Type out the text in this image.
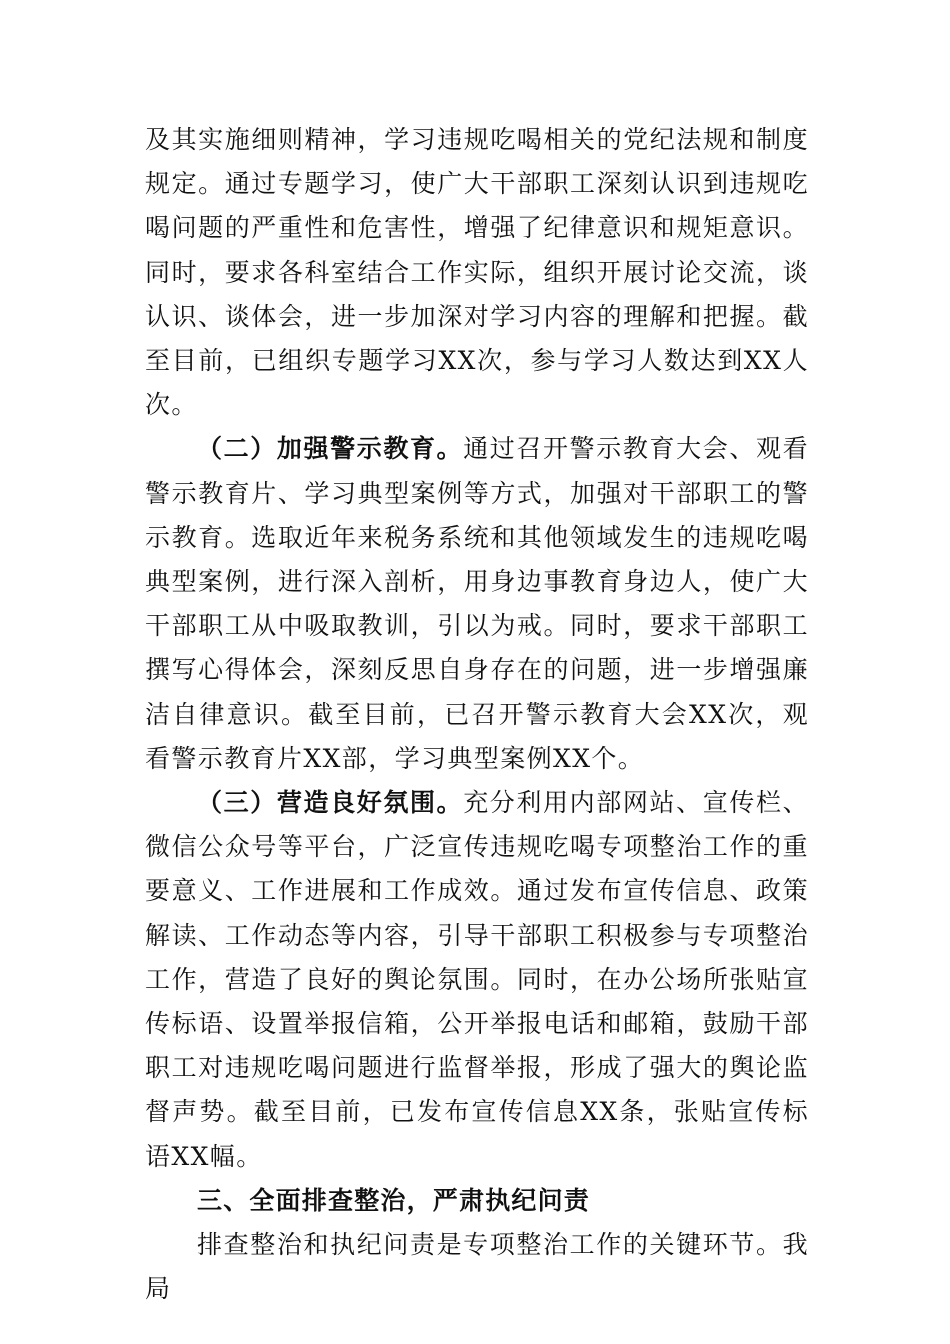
及其实施细则精神，学习违规吃喝相关的党纪法规和制度规定。通过专题学习，使广大干部职工深刻认识到违规吃喝问题的严重性和危害性，增强了纪律意识和规矩意识。同时，要求各科室结合工作实际，组织开展讨论交流，谈认识、谈体会，进一步加深对学习内容的理解和把握。截至目前，已组织专题学习XX次，参与学习人数达到XX人次。

（二）加强警示教育。通过召开警示教育大会、观看警示教育片、学习典型案例等方式，加强对干部职工的警示教育。选取近年来税务系统和其他领域发生的违规吃喝典型案例，进行深入剖析，用身边事教育身边人，使广大干部职工从中吸取教训，引以为戒。同时，要求干部职工撰写心得体会，深刻反思自身存在的问题，进一步增强廉洁自律意识。截至目前，已召开警示教育大会XX次，观看警示教育片XX部，学习典型案例XX个。

（三）营造良好氛围。充分利用内部网站、宣传栏、微信公众号等平台，广泛宣传违规吃喝专项整治工作的重要意义、工作进展和工作成效。通过发布宣传信息、政策解读、工作动态等内容，引导干部职工积极参与专项整治工作，营造了良好的舆论氛围。同时，在办公场所张贴宣传标语、设置举报信箱，公开举报电话和邮箱，鼓励干部职工对违规吃喝问题进行监督举报，形成了强大的舆论监督声势。截至目前，已发布宣传信息XX条，张贴宣传标语XX幅。

三、全面排查整治，严肃执纪问责

排查整治和执纪问责是专项整治工作的关键环节。我局
